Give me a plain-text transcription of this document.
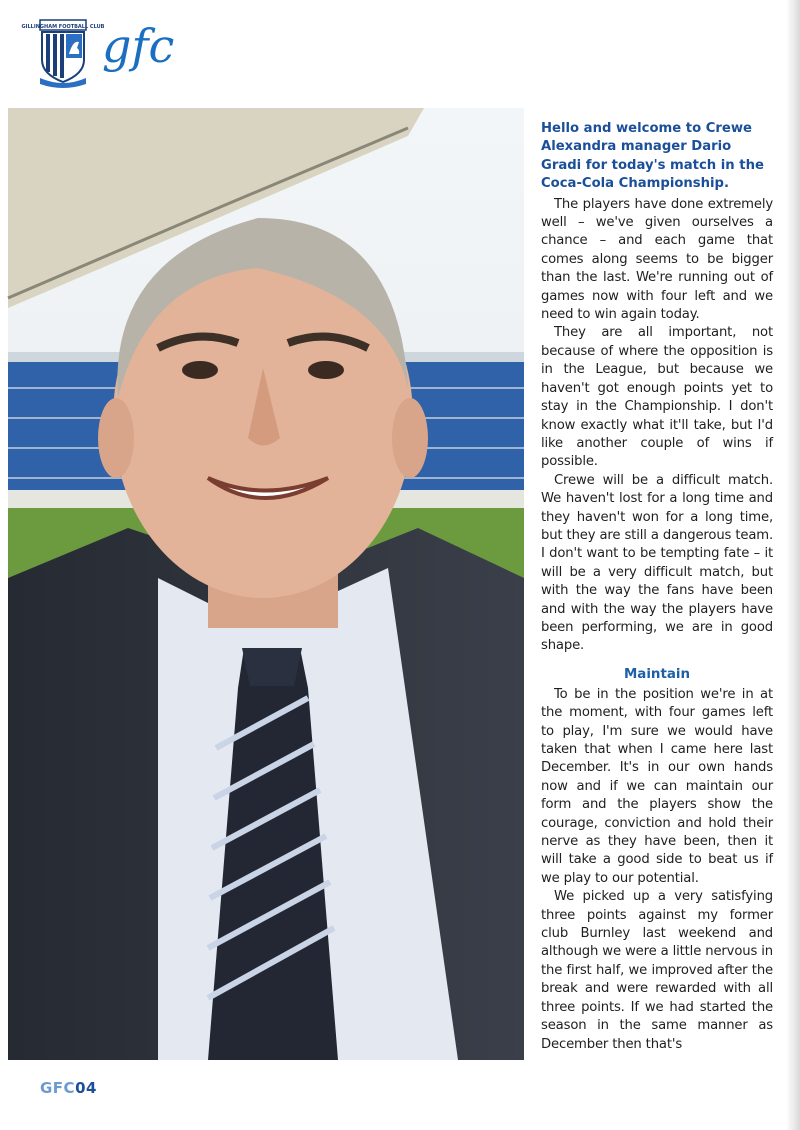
GILLINGHAM FOOTBALL CLUB
gfc

Hello and welcome to Crewe Alexandra manager Dario Gradi for today's match in the Coca-Cola Championship.

The players have done extremely well – we've given ourselves a chance – and each game that comes along seems to be bigger than the last. We're running out of games now with four left and we need to win again today.

They are all important, not because of where the opposition is in the League, but because we haven't got enough points yet to stay in the Championship. I don't know exactly what it'll take, but I'd like another couple of wins if possible.

Crewe will be a difficult match. We haven't lost for a long time and they haven't won for a long time, but they are still a dangerous team. I don't want to be tempting fate – it will be a very difficult match, but with the way the fans have been and with the way the players have been performing, we are in good shape.

Maintain

To be in the position we're in at the moment, with four games left to play, I'm sure we would have taken that when I came here last December. It's in our own hands now and if we can maintain our form and the players show the courage, conviction and hold their nerve as they have been, then it will take a good side to beat us if we play to our potential.

We picked up a very satisfying three points against my former club Burnley last weekend and although we were a little nervous in the first half, we improved after the break and were rewarded with all three points. If we had started the season in the same manner as December then that's

GFC04
